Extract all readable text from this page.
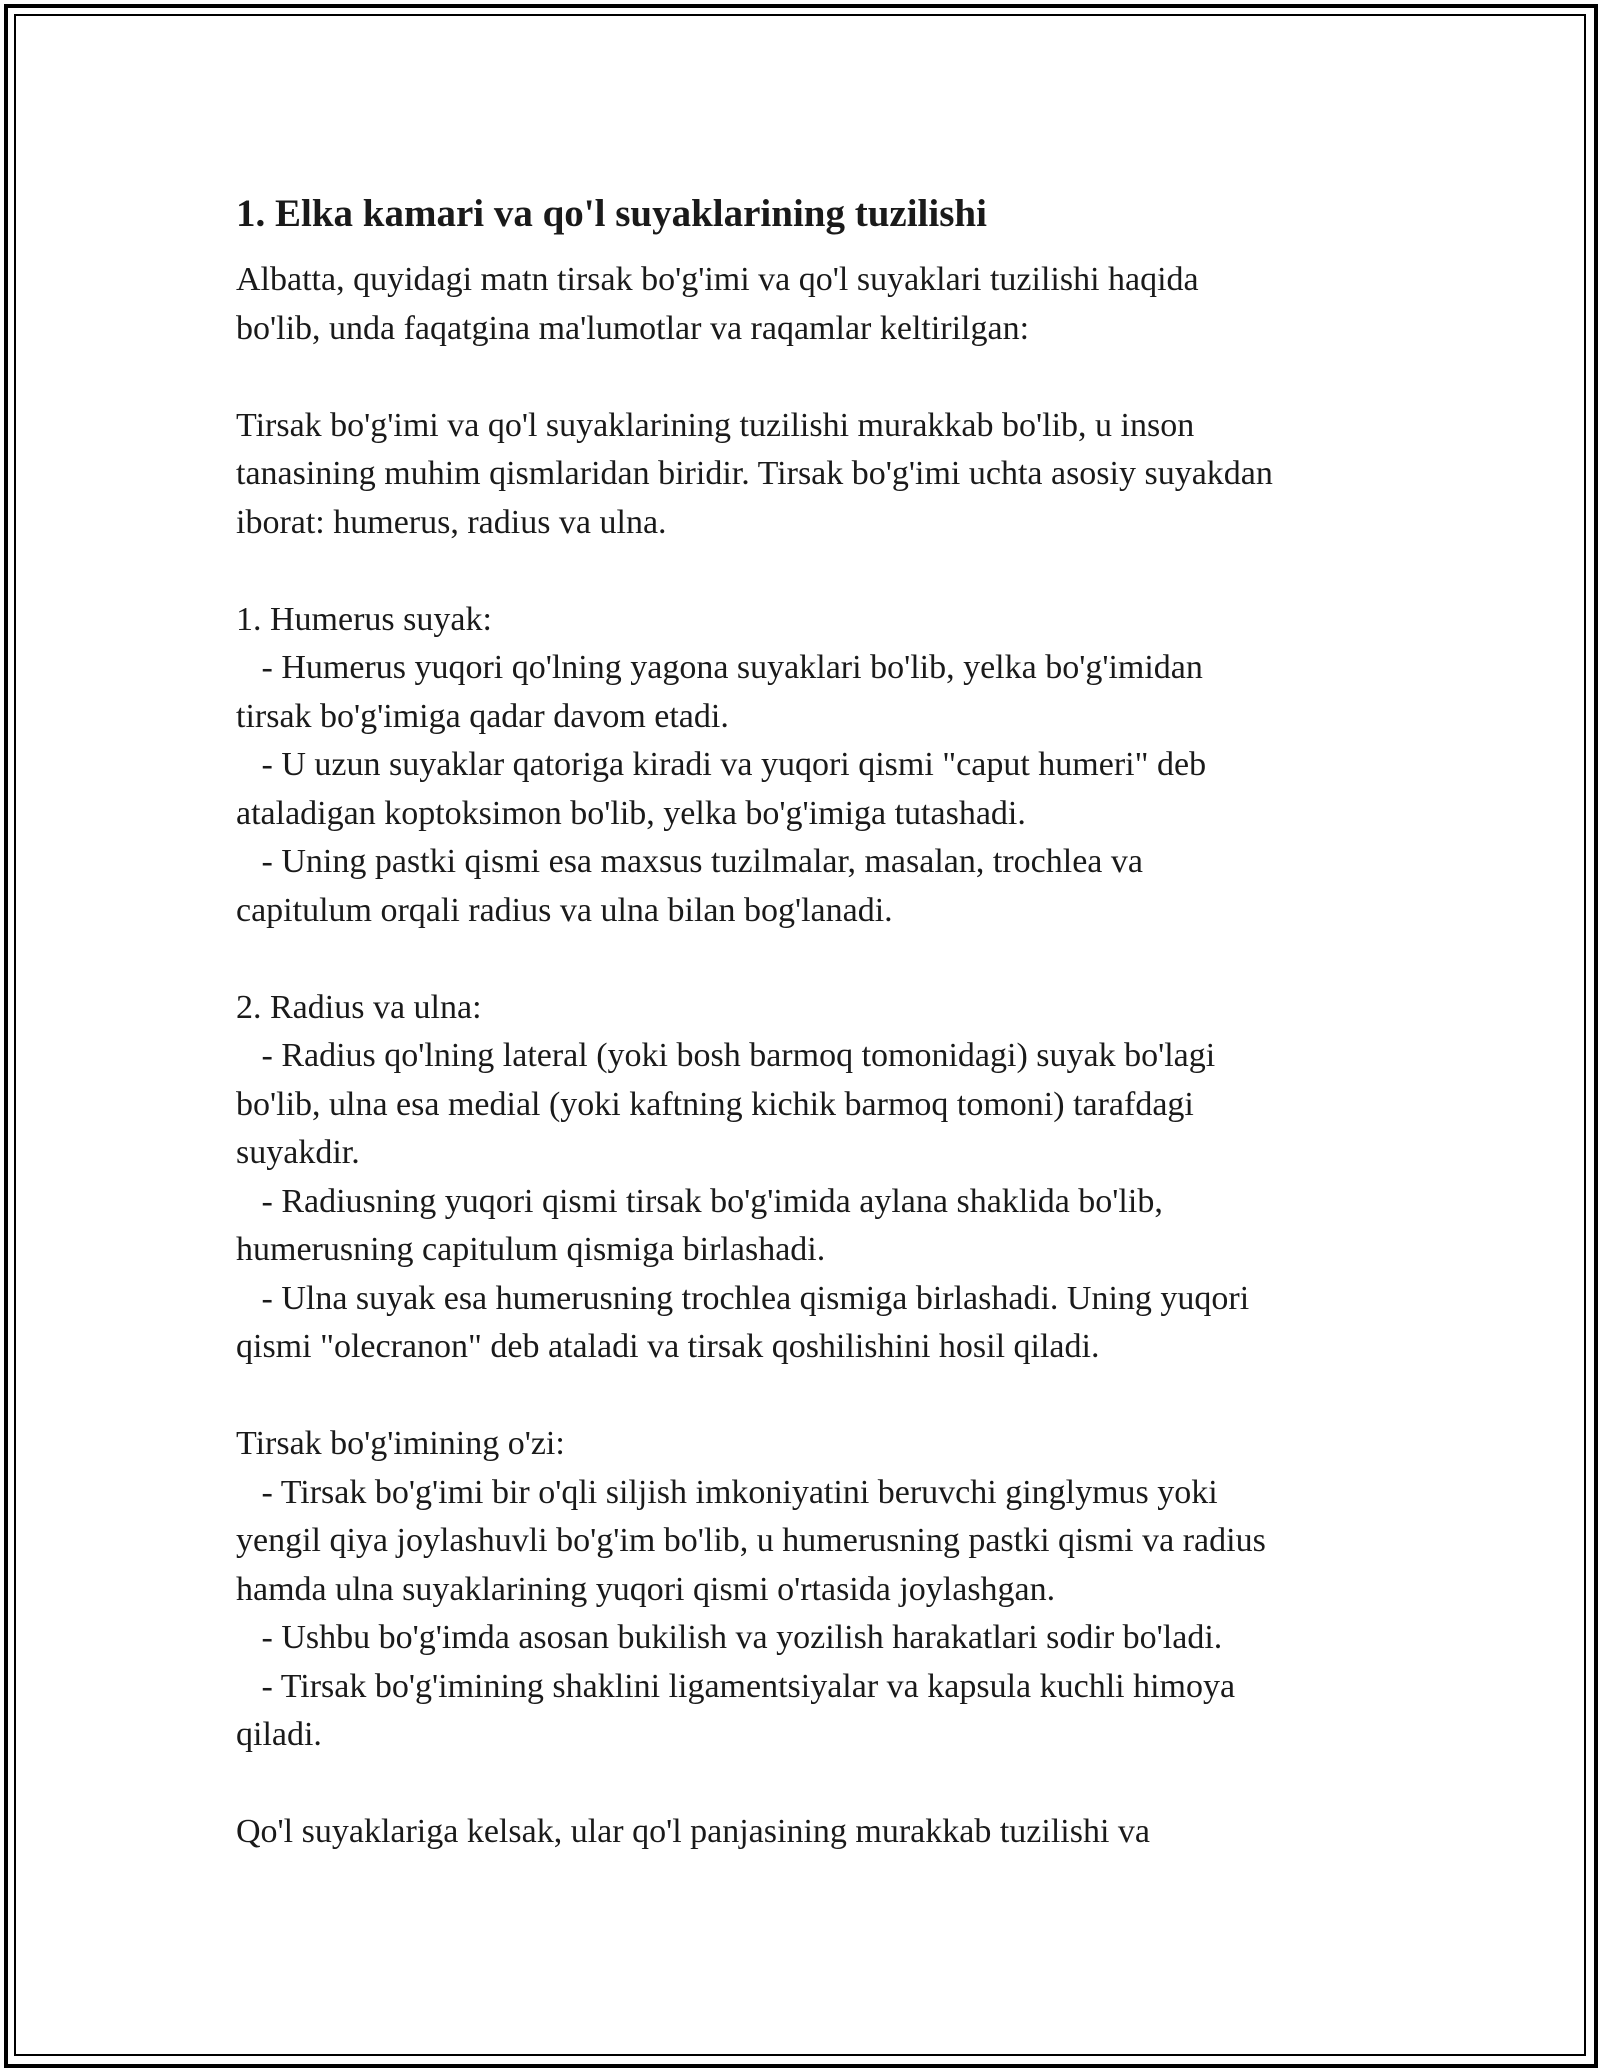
1. Elka kamari va qo'l suyaklarining tuzilishi
Albatta, quyidagi matn tirsak bo'g'imi va qo'l suyaklari tuzilishi haqida
bo'lib, unda faqatgina ma'lumotlar va raqamlar keltirilgan:
Tirsak bo'g'imi va qo'l suyaklarining tuzilishi murakkab bo'lib, u inson
tanasining muhim qismlaridan biridir. Tirsak bo'g'imi uchta asosiy suyakdan
iborat: humerus, radius va ulna.
1. Humerus suyak:
- Humerus yuqori qo'lning yagona suyaklari bo'lib, yelka bo'g'imidan
tirsak bo'g'imiga qadar davom etadi.
- U uzun suyaklar qatoriga kiradi va yuqori qismi "caput humeri" deb
ataladigan koptoksimon bo'lib, yelka bo'g'imiga tutashadi.
- Uning pastki qismi esa maxsus tuzilmalar, masalan, trochlea va
capitulum orqali radius va ulna bilan bog'lanadi.
2. Radius va ulna:
- Radius qo'lning lateral (yoki bosh barmoq tomonidagi) suyak bo'lagi
bo'lib, ulna esa medial (yoki kaftning kichik barmoq tomoni) tarafdagi
suyakdir.
- Radiusning yuqori qismi tirsak bo'g'imida aylana shaklida bo'lib,
humerusning capitulum qismiga birlashadi.
- Ulna suyak esa humerusning trochlea qismiga birlashadi. Uning yuqori
qismi "olecranon" deb ataladi va tirsak qoshilishini hosil qiladi.
Tirsak bo'g'imining o'zi:
- Tirsak bo'g'imi bir o'qli siljish imkoniyatini beruvchi ginglymus yoki
yengil qiya joylashuvli bo'g'im bo'lib, u humerusning pastki qismi va radius
hamda ulna suyaklarining yuqori qismi o'rtasida joylashgan.
- Ushbu bo'g'imda asosan bukilish va yozilish harakatlari sodir bo'ladi.
- Tirsak bo'g'imining shaklini ligamentsiyalar va kapsula kuchli himoya
qiladi.
Qo'l suyaklariga kelsak, ular qo'l panjasining murakkab tuzilishi va
